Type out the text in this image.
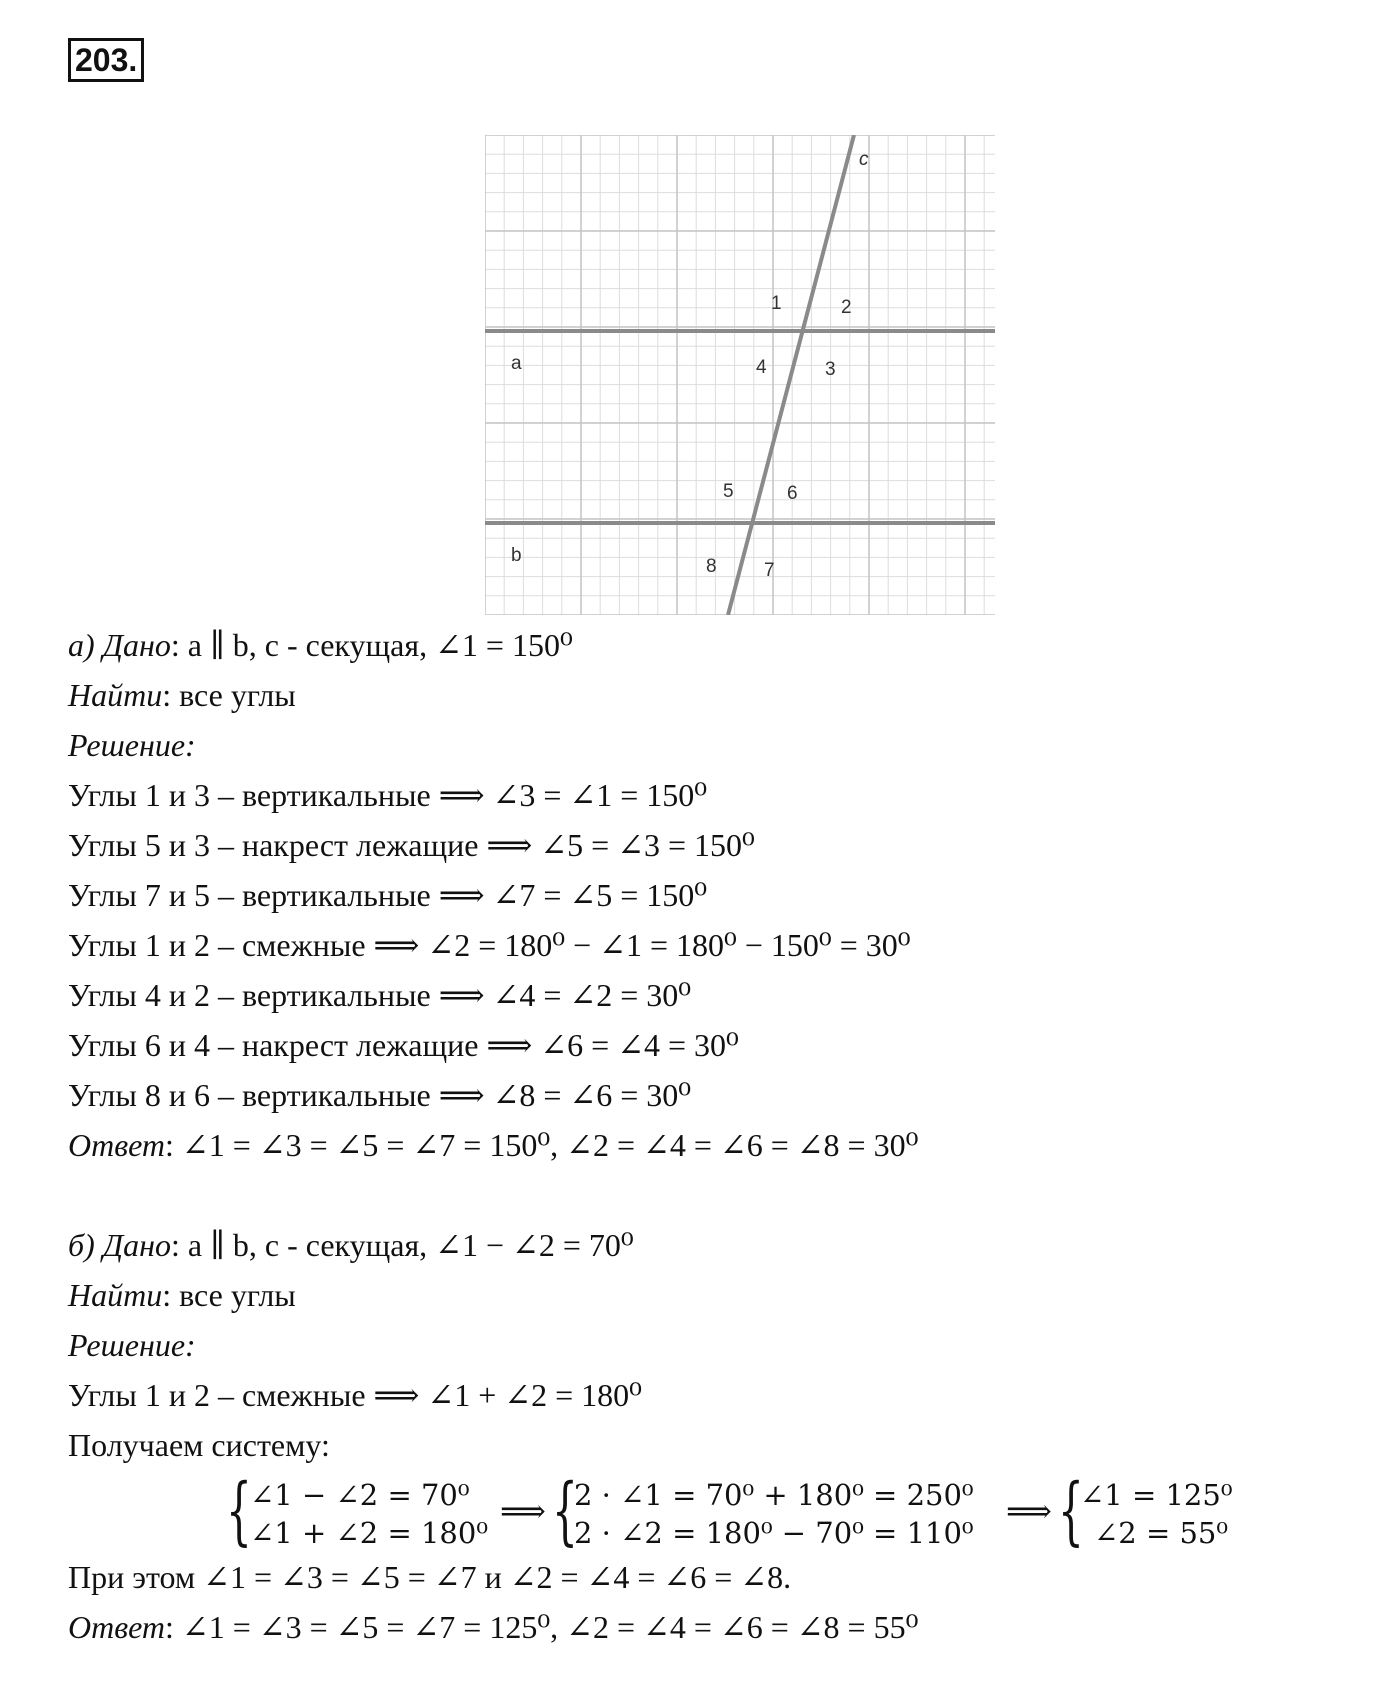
203.
c
a
b
1	2
3
4
5	6
7
8
а) Дано: a ∥ b, c - секущая, ∠1 = 150⁰
Найти: все углы
Решение:
Углы 1 и 3 – вертикальные ⟹ ∠3 = ∠1 = 150⁰
Углы 5 и 3 – накрест лежащие ⟹ ∠5 = ∠3 = 150⁰
Углы 7 и 5 – вертикальные ⟹ ∠7 = ∠5 = 150⁰
Углы 1 и 2 – смежные ⟹ ∠2 = 180⁰ − ∠1 = 180⁰ − 150⁰ = 30⁰
Углы 4 и 2 – вертикальные ⟹ ∠4 = ∠2 = 30⁰
Углы 6 и 4 – накрест лежащие ⟹ ∠6 = ∠4 = 30⁰
Углы 8 и 6 – вертикальные ⟹ ∠8 = ∠6 = 30⁰
Ответ: ∠1 = ∠3 = ∠5 = ∠7 = 150⁰, ∠2 = ∠4 = ∠6 = ∠8 = 30⁰
б) Дано: a ∥ b, c - секущая, ∠1 − ∠2 = 70⁰
Найти: все углы
Решение:
Углы 1 и 2 – смежные ⟹ ∠1 + ∠2 = 180⁰
Получаем систему:
{
∠1 − ∠2 = 70⁰
∠1 + ∠2 = 180⁰
⟹ {
2 · ∠1 = 70⁰ + 180⁰ = 250⁰
2 · ∠2 = 180⁰ − 70⁰ = 110⁰
⟹ {
∠1 = 125⁰
∠2 = 55⁰
При этом ∠1 = ∠3 = ∠5 = ∠7 и ∠2 = ∠4 = ∠6 = ∠8.
Ответ: ∠1 = ∠3 = ∠5 = ∠7 = 125⁰, ∠2 = ∠4 = ∠6 = ∠8 = 55⁰
